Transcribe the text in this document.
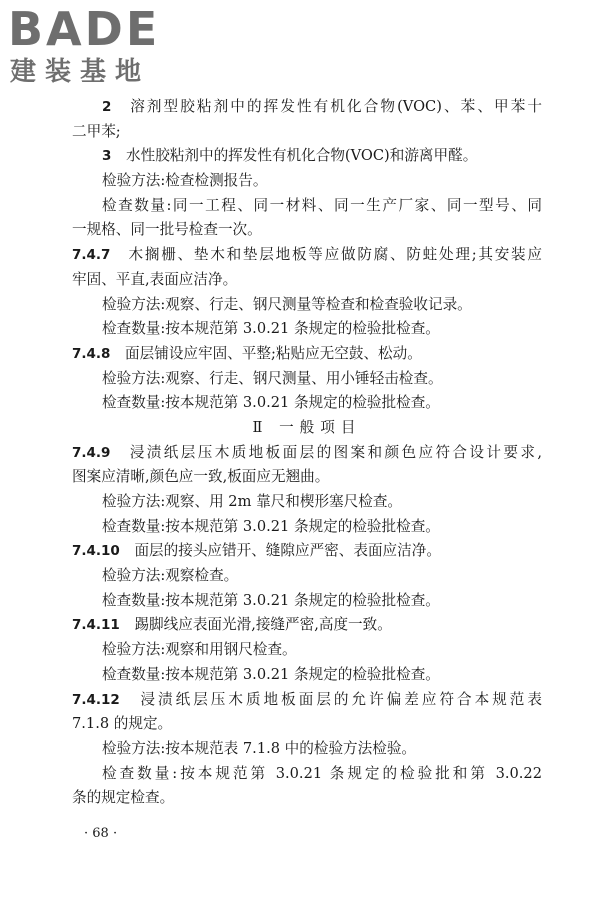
BADE
建装基地
2　 溶剂型胶粘剂中的挥发性有机化合物(VOC)、苯、甲苯十
二甲苯;
3　 水性胶粘剂中的挥发性有机化合物(VOC)和游离甲醛。
检验方法:检查检测报告。
检查数量:同一工程、同一材料、同一生产厂家、同一型号、同
一规格、同一批号检查一次。
7.4.7　 木搁栅、垫木和垫层地板等应做防腐、防蛀处理;其安装应
牢固、平直,表面应洁净。
检验方法:观察、行走、钢尺测量等检查和检查验收记录。
检查数量:按本规范第 3.0.21 条规定的检验批检查。
7.4.8　 面层铺设应牢固、平整;粘贴应无空鼓、松动。
检验方法:观察、行走、钢尺测量、用小锤轻击检查。
检查数量:按本规范第 3.0.21 条规定的检验批检查。
Ⅱ 一般项目
7.4.9　 浸渍纸层压木质地板面层的图案和颜色应符合设计要求,
图案应清晰,颜色应一致,板面应无翘曲。
检验方法:观察、用 2m 靠尺和楔形塞尺检查。
检查数量:按本规范第 3.0.21 条规定的检验批检查。
7.4.10　 面层的接头应错开、缝隙应严密、表面应洁净。
检验方法:观察检查。
检查数量:按本规范第 3.0.21 条规定的检验批检查。
7.4.11　 踢脚线应表面光滑,接缝严密,高度一致。
检验方法:观察和用钢尺检查。
检查数量:按本规范第 3.0.21 条规定的检验批检查。
7.4.12　 浸渍纸层压木质地板面层的允许偏差应符合本规范表
7.1.8 的规定。
检验方法:按本规范表 7.1.8 中的检验方法检验。
检查数量:按本规范第 3.0.21 条规定的检验批和第 3.0.22
条的规定检查。
· 68 ·
